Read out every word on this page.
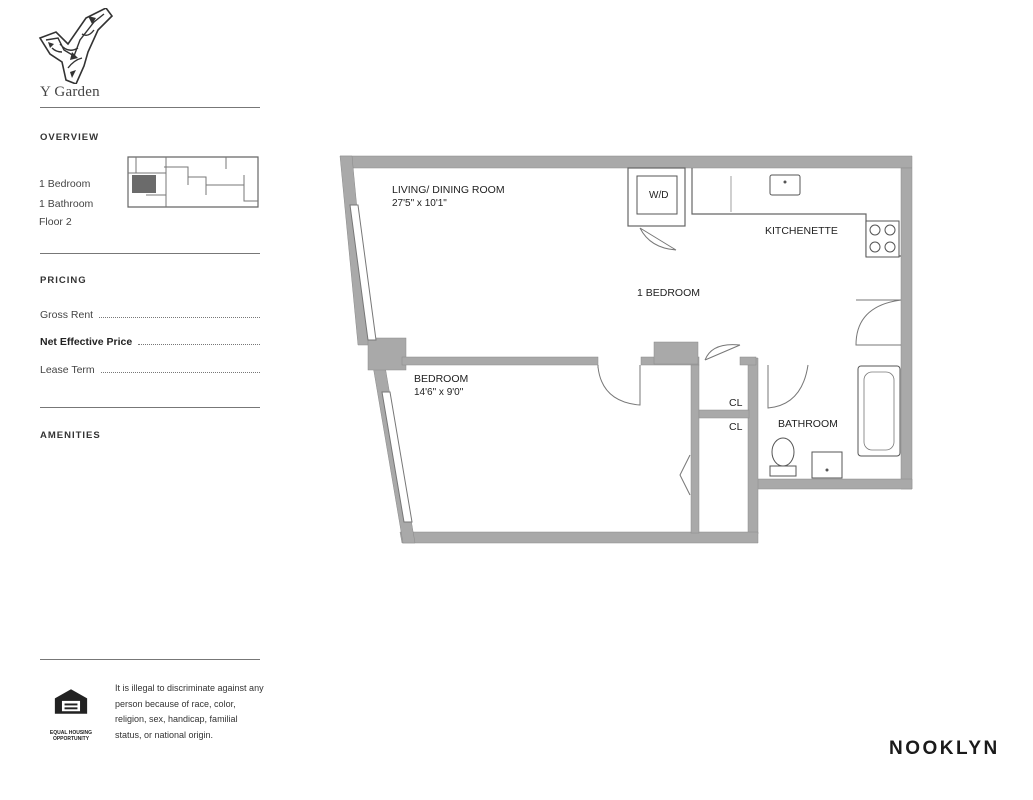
Y Garden
OVERVIEW
1 Bedroom
1 Bathroom
Floor 2
PRICING
Gross Rent
Net Effective Price
Lease Term
AMENITIES
LIVING/ DINING ROOM
27'5" x 10'1"
W/D
KITCHENETTE
1 BEDROOM
BEDROOM
14'6" x 9'0"
CL
CL	BATHROOM
EQUAL HOUSING
OPPORTUNITY
It is illegal to discriminate against any person because of race, color, religion, sex, handicap, familial status, or national origin.
NOOKLYN
